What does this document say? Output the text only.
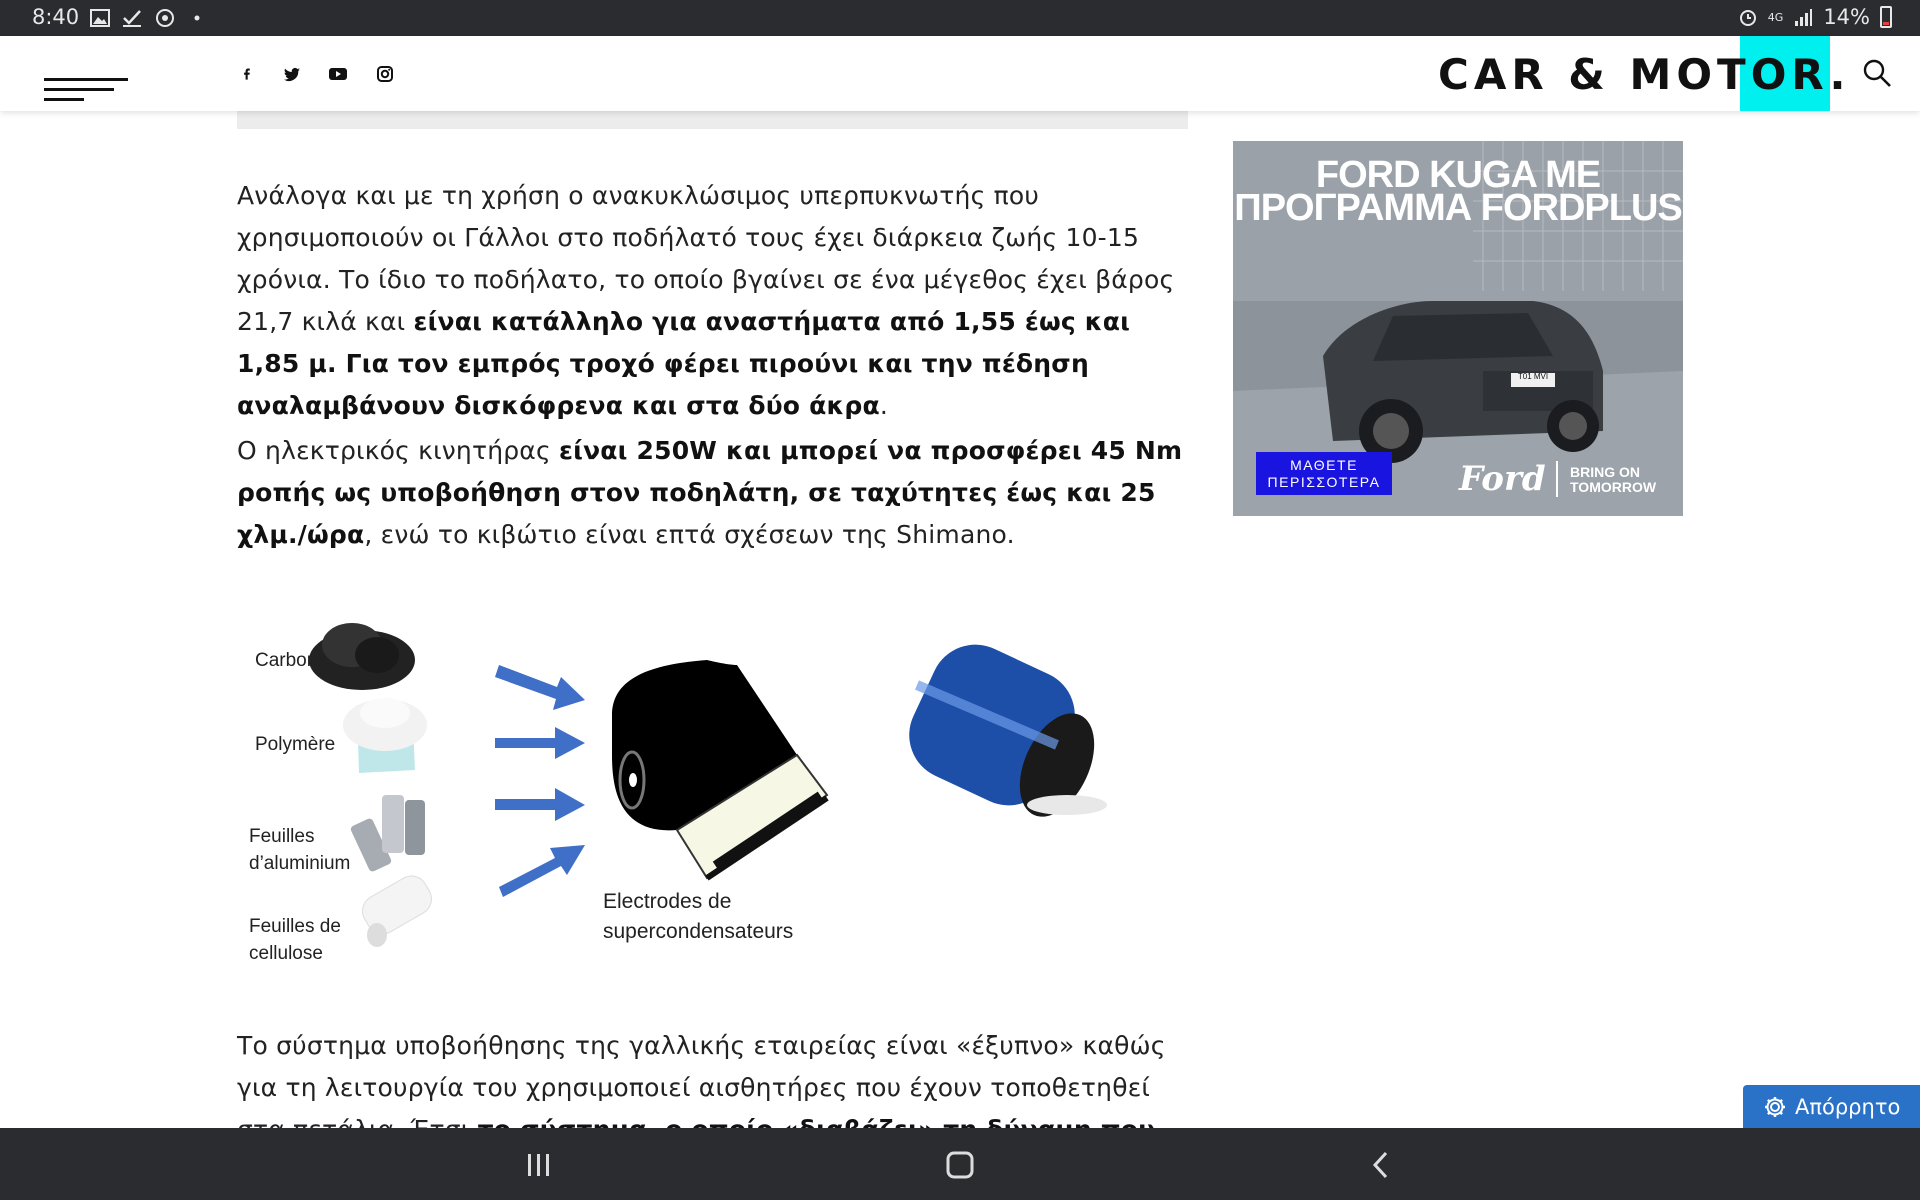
8:40	4G 14%
CAR & MOTOR.

Ανάλογα και με τη χρήση ο ανακυκλώσιμος υπερπυκνωτής που χρησιμοποιούν οι Γάλλοι στο ποδήλατό τους έχει διάρκεια ζωής 10-15 χρόνια. Το ίδιο το ποδήλατο, το οποίο βγαίνει σε ένα μέγεθος έχει βάρος 21,7 κιλά και είναι κατάλληλο για αναστήματα από 1,55 έως και 1,85 μ. Για τον εμπρός τροχό φέρει πιρούνι και την πέδηση αναλαμβάνουν δισκόφρενα και στα δύο άκρα.

Ο ηλεκτρικός κινητήρας είναι 250W και μπορεί να προσφέρει 45 Nm ροπής ως υποβοήθηση στον ποδηλάτη, σε ταχύτητες έως και 25 χλμ./ώρα, ενώ το κιβώτιο είναι επτά σχέσεων της Shimano.

Carbone
Polymère
Feuilles d’aluminium
Feuilles de cellulose
Electrodes de supercondensateurs

Το σύστημα υποβοήθησης της γαλλικής εταιρείας είναι «έξυπνο» καθώς για τη λειτουργία του χρησιμοποιεί αισθητήρες που έχουν τοποθετηθεί

FORD KUGA ΜΕ ΠΡΟΓΡΑΜΜΑ FORDPLUS
T01 MVI
ΜΑΘΕΤΕ ΠΕΡΙΣΣΟΤΕΡΑ	Ford BRING ON TOMORROW
Απόρρητο
